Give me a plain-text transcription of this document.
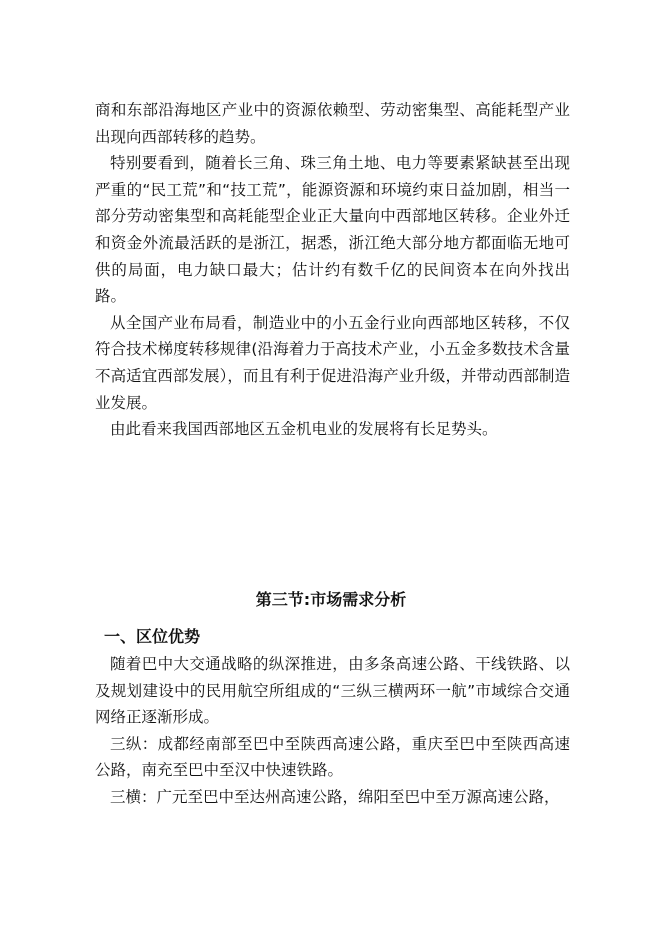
商和东部沿海地区产业中的资源依赖型、劳动密集型、高能耗型产业出现向西部转移的趋势。

特别要看到，随着长三角、珠三角土地、电力等要素紧缺甚至出现严重的“民工荒”和“技工荒”，能源资源和环境约束日益加剧，相当一部分劳动密集型和高耗能型企业正大量向中西部地区转移。企业外迁和资金外流最活跃的是浙江，据悉，浙江绝大部分地方都面临无地可供的局面，电力缺口最大；估计约有数千亿的民间资本在向外找出路。

从全国产业布局看，制造业中的小五金行业向西部地区转移，不仅符合技术梯度转移规律(沿海着力于高技术产业，小五金多数技术含量不高适宜西部发展），而且有利于促进沿海产业升级，并带动西部制造业发展。

由此看来我国西部地区五金机电业的发展将有长足势头。

第三节:市场需求分析
一、区位优势

随着巴中大交通战略的纵深推进，由多条高速公路、干线铁路、以及规划建设中的民用航空所组成的“三纵三横两环一航”市域综合交通网络正逐渐形成。

三纵：成都经南部至巴中至陕西高速公路，重庆至巴中至陕西高速公路，南充至巴中至汉中快速铁路。

三横：广元至巴中至达州高速公路，绵阳至巴中至万源高速公路，
